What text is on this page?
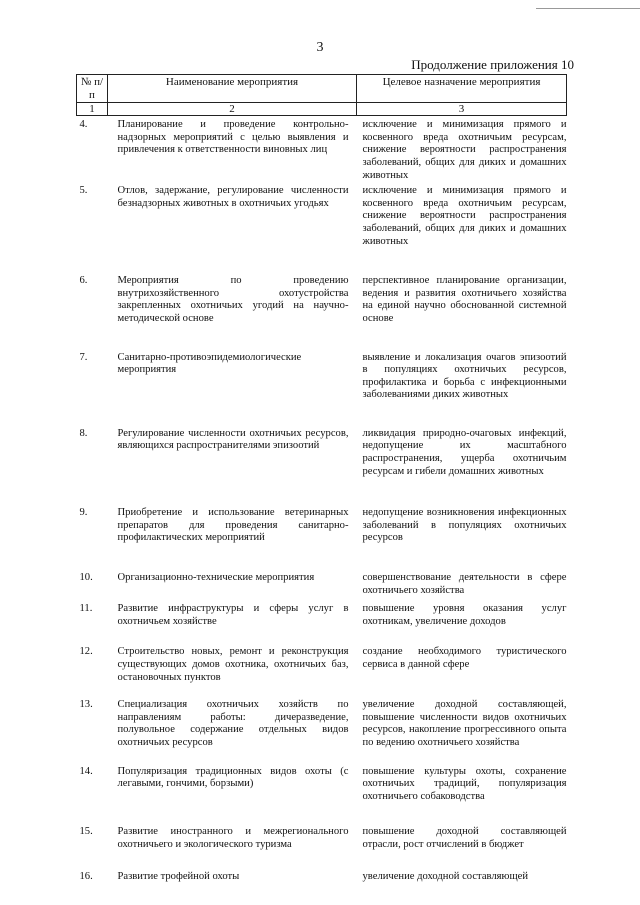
3
Продолжение приложения 10
№ п/п	Наименование мероприятия	Целевое назначение мероприятия
1	2	3
4.	Планирование и проведение контрольно-надзорных мероприятий с целью выявления и привлечения к ответственности виновных лиц	исключение и минимизация прямого и косвенного вреда охотничьим ресурсам, снижение вероятности распространения заболеваний, общих для диких и домашних животных
5.	Отлов, задержание, регулирование численности безнадзорных животных в охотничьих угодьях	исключение и минимизация прямого и косвенного вреда охотничьим ресурсам, снижение вероятности распространения заболеваний, общих для диких и домашних животных
6.	Мероприятия по проведению внутрихозяйственного охотустройства закрепленных охотничьих угодий на научно-методической основе	перспективное планирование организации, ведения и развития охотничьего хозяйства на единой научно обоснованной системной основе
7.	Санитарно-противоэпидемиологические мероприятия	выявление и локализация очагов эпизоотий в популяциях охотничьих ресурсов, профилактика и борьба с инфекционными заболеваниями диких животных
8.	Регулирование численности охотничьих ресурсов, являющихся распространителями эпизоотий	ликвидация природно-очаговых инфекций, недопущение их масштабного распространения, ущерба охотничьим ресурсам и гибели домашних животных
9.	Приобретение и использование ветеринарных препаратов для проведения санитарно-профилактических мероприятий	недопущение возникновения инфекционных заболеваний в популяциях охотничьих ресурсов
10.	Организационно-технические мероприятия	совершенствование деятельности в сфере охотничьего хозяйства
11.	Развитие инфраструктуры и сферы услуг в охотничьем хозяйстве	повышение уровня оказания услуг охотникам, увеличение доходов
12.	Строительство новых, ремонт и реконструкция существующих домов охотника, охотничьих баз, остановочных пунктов	создание необходимого туристического сервиса в данной сфере
13.	Специализация охотничьих хозяйств по направлениям работы: дичеразведение, полувольное содержание отдельных видов охотничьих ресурсов	увеличение доходной составляющей, повышение численности видов охотничьих ресурсов, накопление прогрессивного опыта по ведению охотничьего хозяйства
14.	Популяризация традиционных видов охоты (с легавыми, гончими, борзыми)	повышение культуры охоты, сохранение охотничьих традиций, популяризация охотничьего собаководства
15.	Развитие иностранного и межрегионального охотничьего и экологического туризма	повышение доходной составляющей отрасли, рост отчислений в бюджет
16.	Развитие трофейной охоты	увеличение доходной составляющей
